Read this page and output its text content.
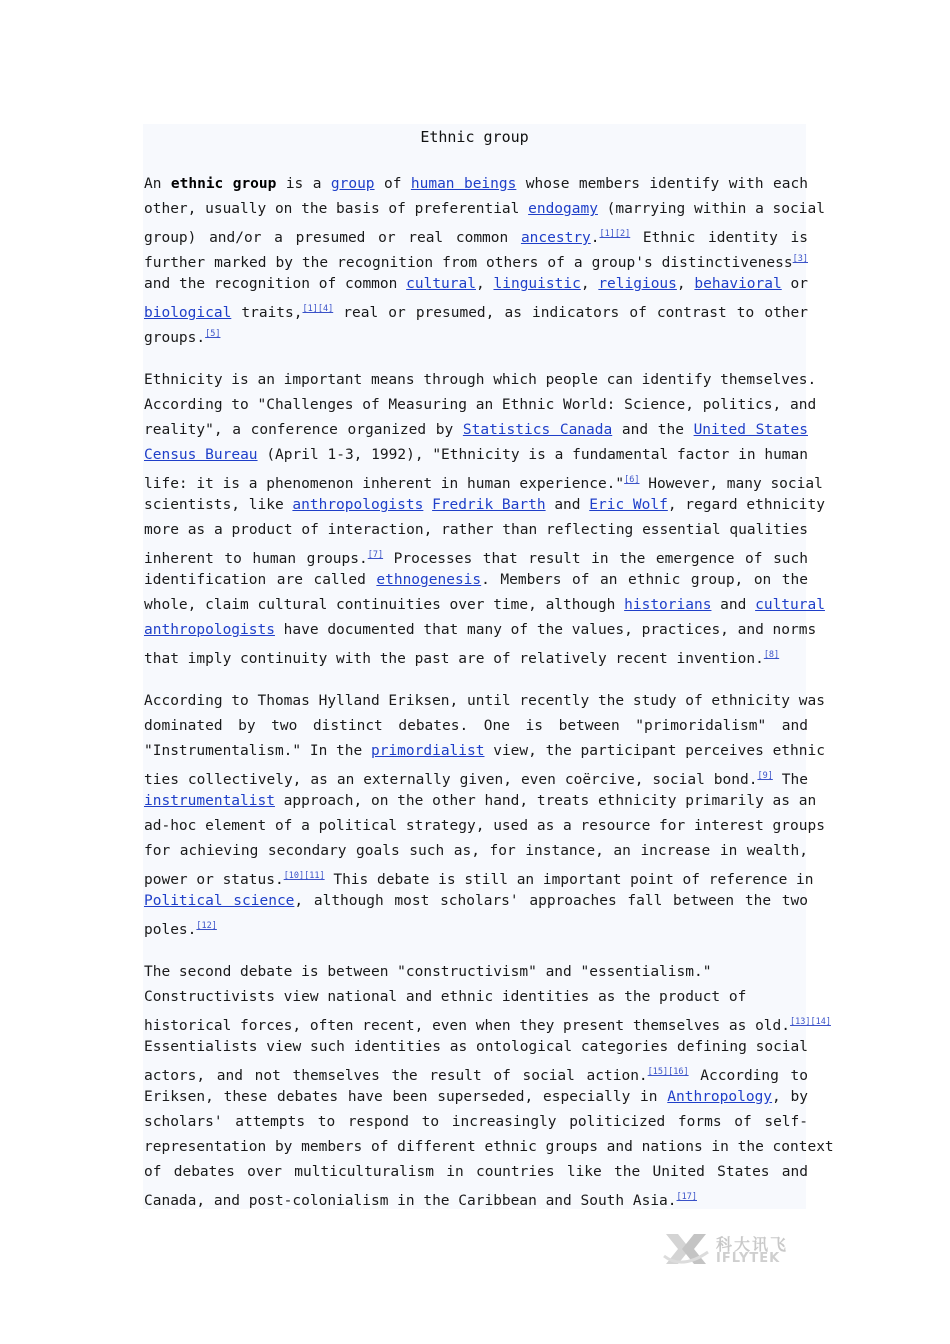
Ethnic group
An ethnic group is a group of human beings whose members identify with each
other, usually on the basis of preferential endogamy (marrying within a social
group) and/or a presumed or real common ancestry.[1][2] Ethnic identity is
further marked by the recognition from others of a group's distinctiveness[3]
and the recognition of common cultural, linguistic, religious, behavioral or
biological traits,[1][4] real or presumed, as indicators of contrast to other
groups.[5]
Ethnicity is an important means through which people can identify themselves.
According to "Challenges of Measuring an Ethnic World: Science, politics, and
reality", a conference organized by Statistics Canada and the United States
Census Bureau (April 1-3, 1992), "Ethnicity is a fundamental factor in human
life: it is a phenomenon inherent in human experience."[6] However, many social
scientists, like anthropologists Fredrik Barth and Eric Wolf, regard ethnicity
more as a product of interaction, rather than reflecting essential qualities
inherent to human groups.[7] Processes that result in the emergence of such
identification are called ethnogenesis. Members of an ethnic group, on the
whole, claim cultural continuities over time, although historians and cultural
anthropologists have documented that many of the values, practices, and norms
that imply continuity with the past are of relatively recent invention.[8]
According to Thomas Hylland Eriksen, until recently the study of ethnicity was
dominated by two distinct debates. One is between "primoridalism" and
"Instrumentalism." In the primordialist view, the participant perceives ethnic
ties collectively, as an externally given, even coërcive, social bond.[9] The
instrumentalist approach, on the other hand, treats ethnicity primarily as an
ad-hoc element of a political strategy, used as a resource for interest groups
for achieving secondary goals such as, for instance, an increase in wealth,
power or status.[10][11] This debate is still an important point of reference in
Political science, although most scholars' approaches fall between the two
poles.[12]
The second debate is between "constructivism" and "essentialism."
Constructivists view national and ethnic identities as the product of
historical forces, often recent, even when they present themselves as old.[13][14]
Essentialists view such identities as ontological categories defining social
actors, and not themselves the result of social action.[15][16] According to
Eriksen, these debates have been superseded, especially in Anthropology, by
scholars' attempts to respond to increasingly politicized forms of self-
representation by members of different ethnic groups and nations in the context
of debates over multiculturalism in countries like the United States and
Canada, and post-colonialism in the Caribbean and South Asia.[17]
科大讯飞
IFLYTEK
